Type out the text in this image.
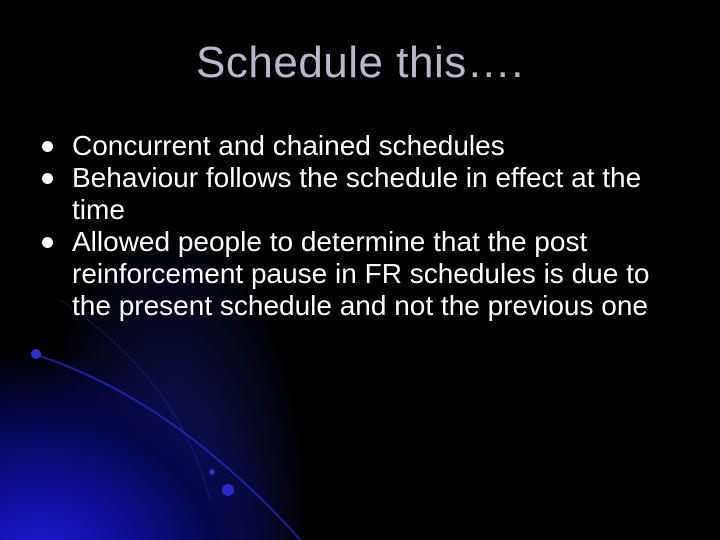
Schedule this….
Concurrent and chained schedules
Behaviour follows the schedule in effect at the time
Allowed people to determine that the post reinforcement pause in FR schedules is due to the present schedule and not the previous one
